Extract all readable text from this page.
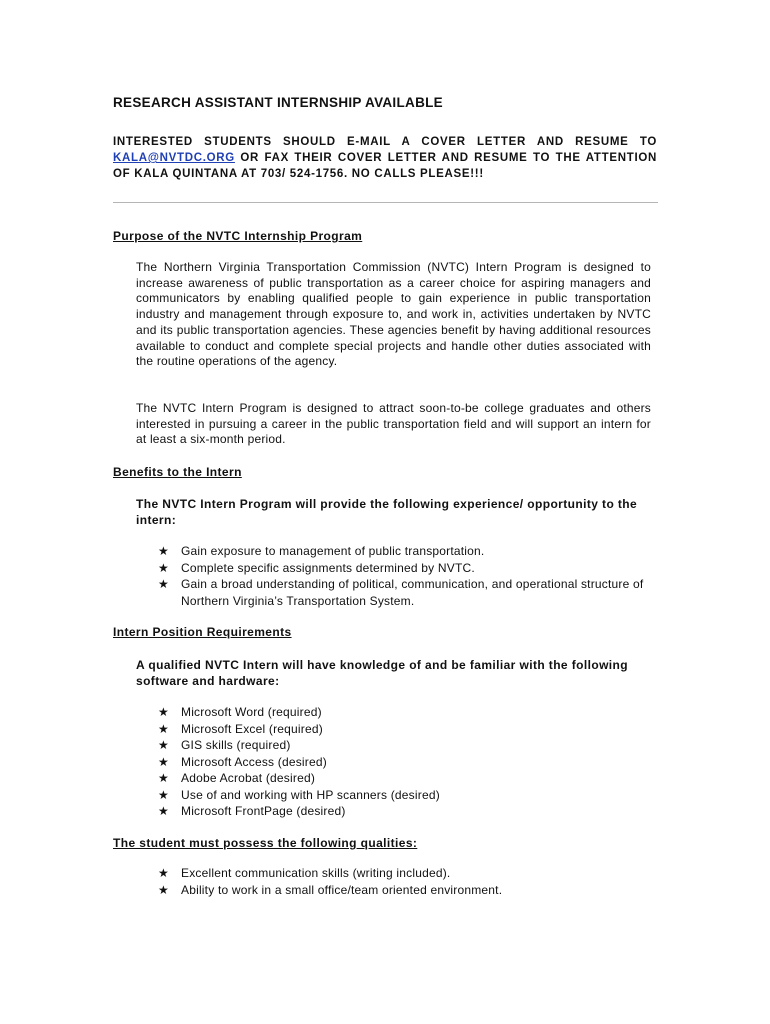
RESEARCH ASSISTANT INTERNSHIP AVAILABLE
INTERESTED STUDENTS SHOULD E-MAIL A COVER LETTER AND RESUME TO KALA@NVTDC.ORG OR FAX THEIR COVER LETTER AND RESUME TO THE ATTENTION OF KALA QUINTANA AT 703/ 524-1756. NO CALLS PLEASE!!!
Purpose of the NVTC Internship Program
The Northern Virginia Transportation Commission (NVTC) Intern Program is designed to increase awareness of public transportation as a career choice for aspiring managers and communicators by enabling qualified people to gain experience in public transportation industry and management through exposure to, and work in, activities undertaken by NVTC and its public transportation agencies. These agencies benefit by having additional resources available to conduct and complete special projects and handle other duties associated with the routine operations of the agency.
The NVTC Intern Program is designed to attract soon-to-be college graduates and others interested in pursuing a career in the public transportation field and will support an intern for at least a six-month period.
Benefits to the Intern
The NVTC Intern Program will provide the following experience/ opportunity to the intern:
★ Gain exposure to management of public transportation.
★ Complete specific assignments determined by NVTC.
★ Gain a broad understanding of political, communication, and operational structure of Northern Virginia’s Transportation System.
Intern Position Requirements
A qualified NVTC Intern will have knowledge of and be familiar with the following software and hardware:
★ Microsoft Word (required)
★ Microsoft Excel (required)
★ GIS skills (required)
★ Microsoft Access (desired)
★ Adobe Acrobat (desired)
★ Use of and working with HP scanners (desired)
★ Microsoft FrontPage (desired)
The student must possess the following qualities:
★ Excellent communication skills (writing included).
★ Ability to work in a small office/team oriented environment.
